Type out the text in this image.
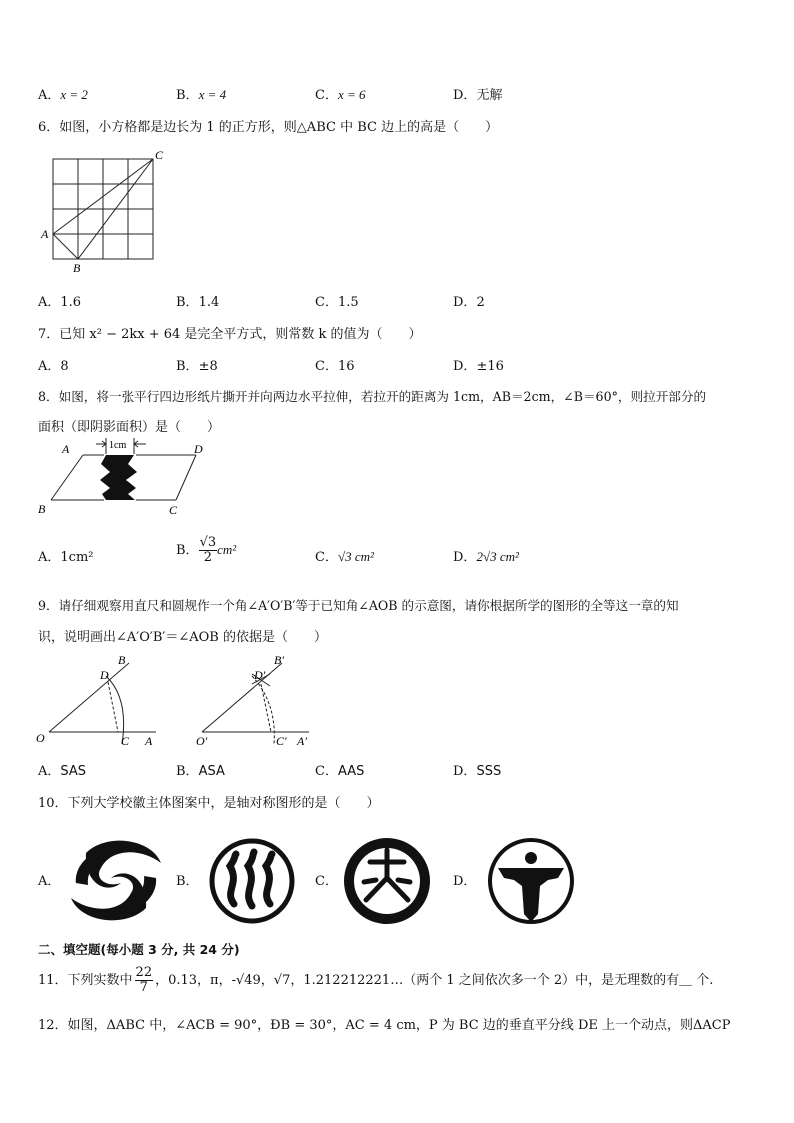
A．x = 2	B．x = 4	C．x = 6	D．无解
6．如图，小方格都是边长为 1 的正方形，则△ABC 中 BC 边上的高是（　　）
A
B
C
A．1.6	B．1.4	C．1.5	D．2
7．已知 x² − 2kx + 64 是完全平方式，则常数 k 的值为（　　）
A．8	B．±8	C．16	D．±16
8．如图，将一张平行四边形纸片撕开并向两边水平拉伸，若拉开的距离为 1cm，AB＝2cm，∠B＝60°，则拉开部分的
面积（即阴影面积）是（　　）
1cm
A	D
B	C
A．1cm²	B． $\frac{√3}{2} cm^2$
C．√3 cm²	D．2√3 cm²
9．请仔细观察用直尺和圆规作一个角∠A′O′B′等于已知角∠AOB 的示意图，请你根据所学的图形的全等这一章的知
识，说明画出∠A′O′B′＝∠AOB 的依据是（　　）
O	C A
D
B
O′	C′ A′
D′
B′
A．SAS	B．ASA	C．AAS	D．SSS
10．下列大学校徽主体图案中，是轴对称图形的是（　　）
A．	B．	C．	D．
二、填空题(每小题 3 分, 共 24 分)
11．下列实数中 $\frac{22}{7}$ ，0.13，π，-√49，√7，1.212212221…（两个 1 之间依次多一个 2）中，是无理数的有＿ 个.
12．如图，ΔABC 中，∠ACB = 90°，ÐB = 30°，AC = 4 cm，P 为 BC 边的垂直平分线 DE 上一个动点，则ΔACP
